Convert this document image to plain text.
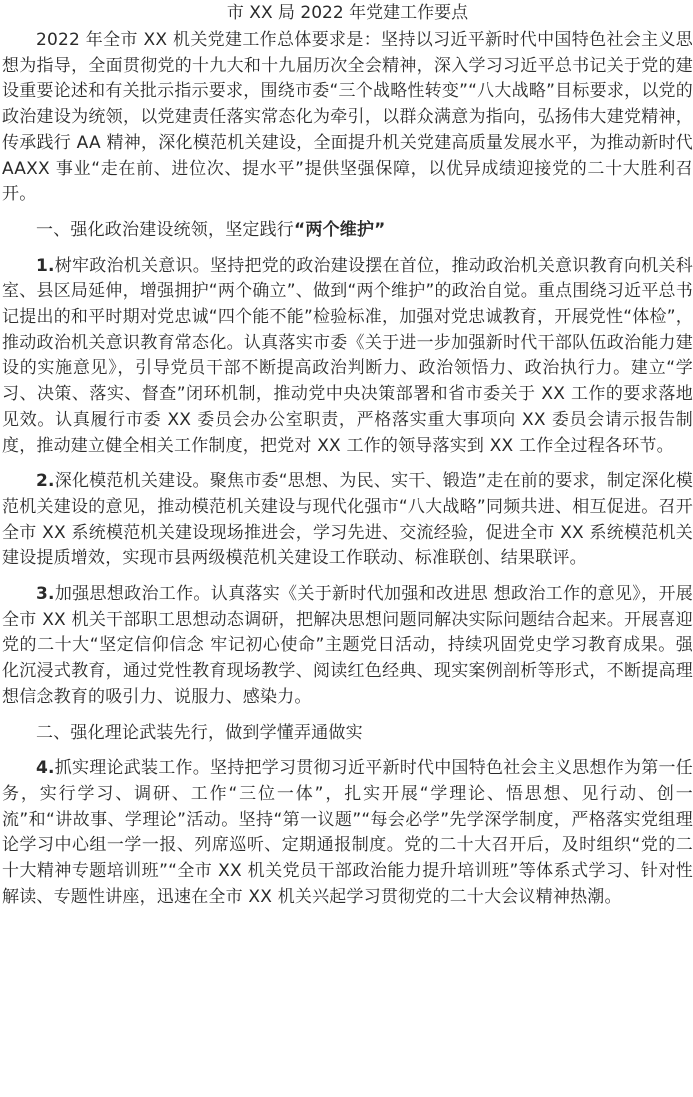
市 XX 局 2022 年党建工作要点

2022 年全市 XX 机关党建工作总体要求是：坚持以习近平新时代中国特色社会主义思想为指导，全面贯彻党的十九大和十九届历次全会精神，深入学习习近平总书记关于党的建设重要论述和有关批示指示要求，围绕市委“三个战略性转变”“八大战略”目标要求，以党的政治建设为统领，以党建责任落实常态化为牵引，以群众满意为指向，弘扬伟大建党精神，传承践行 AA 精神，深化模范机关建设，全面提升机关党建高质量发展水平，为推动新时代 AAXX 事业“走在前、进位次、提水平”提供坚强保障，以优异成绩迎接党的二十大胜利召开。

一、强化政治建设统领，坚定践行“两个维护”

1.树牢政治机关意识。坚持把党的政治建设摆在首位，推动政治机关意识教育向机关科室、县区局延伸，增强拥护“两个确立”、做到“两个维护”的政治自觉。重点围绕习近平总书记提出的和平时期对党忠诚“四个能不能”检验标准，加强对党忠诚教育，开展党性“体检”，推动政治机关意识教育常态化。认真落实市委《关于进一步加强新时代干部队伍政治能力建设的实施意见》，引导党员干部不断提高政治判断力、政治领悟力、政治执行力。建立“学习、决策、落实、督查”闭环机制，推动党中央决策部署和省市委关于 XX 工作的要求落地见效。认真履行市委 XX 委员会办公室职责，严格落实重大事项向 XX 委员会请示报告制度，推动建立健全相关工作制度，把党对 XX 工作的领导落实到 XX 工作全过程各环节。

2.深化模范机关建设。聚焦市委“思想、为民、实干、锻造”走在前的要求，制定深化模范机关建设的意见，推动模范机关建设与现代化强市“八大战略”同频共进、相互促进。召开全市 XX 系统模范机关建设现场推进会，学习先进、交流经验，促进全市 XX 系统模范机关建设提质增效，实现市县两级模范机关建设工作联动、标准联创、结果联评。

3.加强思想政治工作。认真落实《关于新时代加强和改进思 想政治工作的意见》，开展全市 XX 机关干部职工思想动态调研，把解决思想问题同解决实际问题结合起来。开展喜迎党的二十大“坚定信仰信念 牢记初心使命”主题党日活动，持续巩固党史学习教育成果。强化沉浸式教育，通过党性教育现场教学、阅读红色经典、现实案例剖析等形式，不断提高理想信念教育的吸引力、说服力、感染力。

二、强化理论武装先行，做到学懂弄通做实

4.抓实理论武装工作。坚持把学习贯彻习近平新时代中国特色社会主义思想作为第一任务，实行学习、调研、工作“三位一体”，扎实开展“学理论、悟思想、见行动、创一流”和“讲故事、学理论”活动。坚持“第一议题”“每会必学”先学深学制度，严格落实党组理论学习中心组一学一报、列席巡听、定期通报制度。党的二十大召开后，及时组织“党的二十大精神专题培训班”“全市 XX 机关党员干部政治能力提升培训班”等体系式学习、针对性解读、专题性讲座，迅速在全市 XX 机关兴起学习贯彻党的二十大会议精神热潮。
